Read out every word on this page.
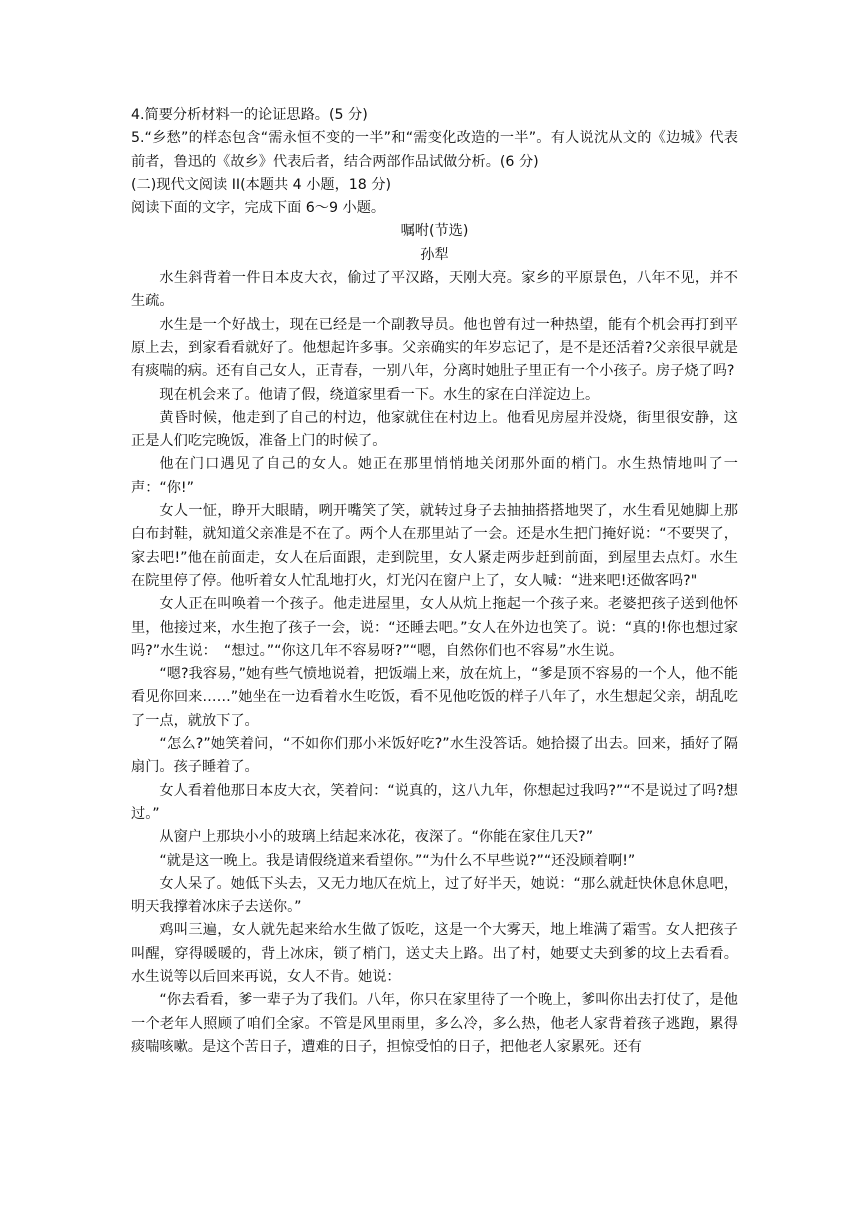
4.简要分析材料一的论证思路。(5 分)

5.“乡愁”的样态包含“需永恒不变的一半”和“需变化改造的一半”。有人说沈从文的《边城》代表前者，鲁迅的《故乡》代表后者，结合两部作品试做分析。(6 分)

(二)现代文阅读 II(本题共 4 小题，18 分)

阅读下面的文字，完成下面 6～9 小题。

嘱咐(节选)

孙犁

水生斜背着一件日本皮大衣，偷过了平汉路，天刚大亮。家乡的平原景色，八年不见，并不生疏。

水生是一个好战士，现在已经是一个副教导员。他也曾有过一种热望，能有个机会再打到平原上去，到家看看就好了。他想起许多事。父亲确实的年岁忘记了，是不是还活着?父亲很早就是有痰喘的病。还有自己女人，正青春，一别八年，分离时她肚子里正有一个小孩子。房子烧了吗?

现在机会来了。他请了假，绕道家里看一下。水生的家在白洋淀边上。

黄昏时候，他走到了自己的村边，他家就住在村边上。他看见房屋并没烧，街里很安静，这正是人们吃完晚饭，准备上门的时候了。

他在门口遇见了自己的女人。她正在那里悄悄地关闭那外面的梢门。水生热情地叫了一声：“你!”

女人一怔，睁开大眼睛，咧开嘴笑了笑，就转过身子去抽抽搭搭地哭了，水生看见她脚上那白布封鞋，就知道父亲准是不在了。两个人在那里站了一会。还是水生把门掩好说：“不要哭了，家去吧!”他在前面走，女人在后面跟，走到院里，女人紧走两步赶到前面，到屋里去点灯。水生在院里停了停。他听着女人忙乱地打火，灯光闪在窗户上了，女人喊：“进来吧!还做客吗?"

女人正在叫唤着一个孩子。他走进屋里，女人从炕上拖起一个孩子来。老婆把孩子送到他怀里，他接过来，水生抱了孩子一会，说：“还睡去吧。”女人在外边也笑了。说：“真的!你也想过家吗?”水生说：　“想过。”“你这几年不容易呀?”“嗯，自然你们也不容易”水生说。

“嗯?我容易，”她有些气愤地说着，把饭端上来，放在炕上，“爹是顶不容易的一个人，他不能看见你回来……”她坐在一边看着水生吃饭，看不见他吃饭的样子八年了，水生想起父亲，胡乱吃了一点，就放下了。

“怎么?”她笑着问，“不如你们那小米饭好吃?”水生没答话。她拾掇了出去。回来，插好了隔扇门。孩子睡着了。

女人看着他那日本皮大衣，笑着问：“说真的，这八九年，你想起过我吗?”“不是说过了吗?想过。”

从窗户上那块小小的玻璃上结起来冰花，夜深了。“你能在家住几天?”

“就是这一晚上。我是请假绕道来看望你。”“为什么不早些说?”“还没顾着啊!”

女人呆了。她低下头去，又无力地仄在炕上，过了好半天，她说：“那么就赶快休息休息吧，明天我撑着冰床子去送你。”

鸡叫三遍，女人就先起来给水生做了饭吃，这是一个大雾天，地上堆满了霜雪。女人把孩子叫醒，穿得暖暖的，背上冰床，锁了梢门，送丈夫上路。出了村，她要丈夫到爹的坟上去看看。水生说等以后回来再说，女人不肯。她说：

“你去看看，爹一辈子为了我们。八年，你只在家里待了一个晚上，爹叫你出去打仗了，是他一个老年人照顾了咱们全家。不管是风里雨里，多么冷，多么热，他老人家背着孩子逃跑，累得痰喘咳嗽。是这个苦日子，遭难的日子，担惊受怕的日子，把他老人家累死。还有
